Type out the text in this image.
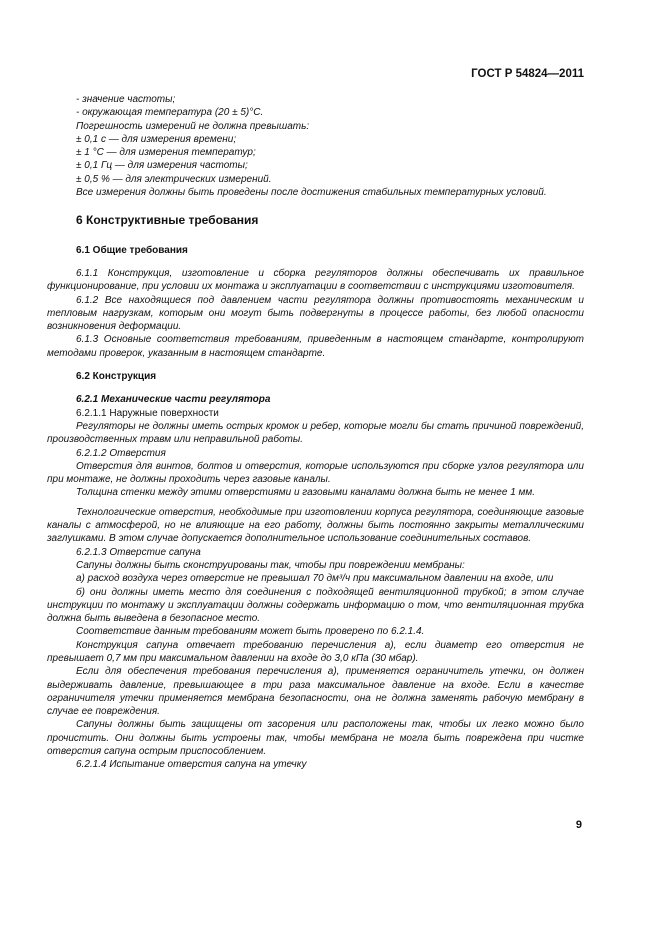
ГОСТ Р 54824—2011

- значение частоты;

- окружающая температура (20 ± 5)°С.

Погрешность измерений не должна превышать:

± 0,1 с — для измерения времени;

± 1 °С — для измерения температур;

± 0,1 Гц — для измерения частоты;

± 0,5 % — для электрических измерений.

Все измерения должны быть проведены после достижения стабильных температурных условий.

6 Конструктивные требования

6.1 Общие требования

6.1.1 Конструкция, изготовление и сборка регуляторов должны обеспечивать их правильное функционирование, при условии их монтажа и эксплуатации в соответствии с инструкциями изготовителя.

6.1.2 Все находящиеся под давлением части регулятора должны противостоять механическим и тепловым нагрузкам, которым они могут быть подвергнуты в процессе работы, без любой опасности возникновения деформации.

6.1.3 Основные соответствия требованиям, приведенным в настоящем стандарте, контролируют методами проверок, указанным в настоящем стандарте.

6.2 Конструкция

6.2.1 Механические части регулятора

6.2.1.1 Наружные поверхности

Регуляторы не должны иметь острых кромок и ребер, которые могли бы стать причиной повреждений, производственных травм или неправильной работы.

6.2.1.2 Отверстия

Отверстия для винтов, болтов и отверстия, которые используются при сборке узлов регулятора или при монтаже, не должны проходить через газовые каналы.

Толщина стенки между этими отверстиями и газовыми каналами должна быть не менее 1 мм.

Технологические отверстия, необходимые при изготовлении корпуса регулятора, соединяющие газовые каналы с атмосферой, но не влияющие на его работу, должны быть постоянно закрыты металлическими заглушками. В этом случае допускается дополнительное использование соединительных составов.

6.2.1.3 Отверстие сапуна

Сапуны должны быть сконструированы так, чтобы при повреждении мембраны:

а) расход воздуха через отверстие не превышал 70 дм³/ч при максимальном давлении на входе, или

б) они должны иметь место для соединения с подходящей вентиляционной трубкой; в этом случае инструкции по монтажу и эксплуатации должны содержать информацию о том, что вентиляционная трубка должна быть выведена в безопасное место.

Соответствие данным требованиям может быть проверено по 6.2.1.4.

Конструкция сапуна отвечает требованию перечисления а), если диаметр его отверстия не превышает 0,7 мм при максимальном давлении на входе до 3,0 кПа (30 мбар).

Если для обеспечения требования перечисления а), применяется ограничитель утечки, он должен выдерживать давление, превышающее в три раза максимальное давление на входе. Если в качестве ограничителя утечки применяется мембрана безопасности, она не должна заменять рабочую мембрану в случае ее повреждения.

Сапуны должны быть защищены от засорения или расположены так, чтобы их легко можно было прочистить. Они должны быть устроены так, чтобы мембрана не могла быть повреждена при чистке отверстия сапуна острым приспособлением.

6.2.1.4 Испытание отверстия сапуна на утечку

9
